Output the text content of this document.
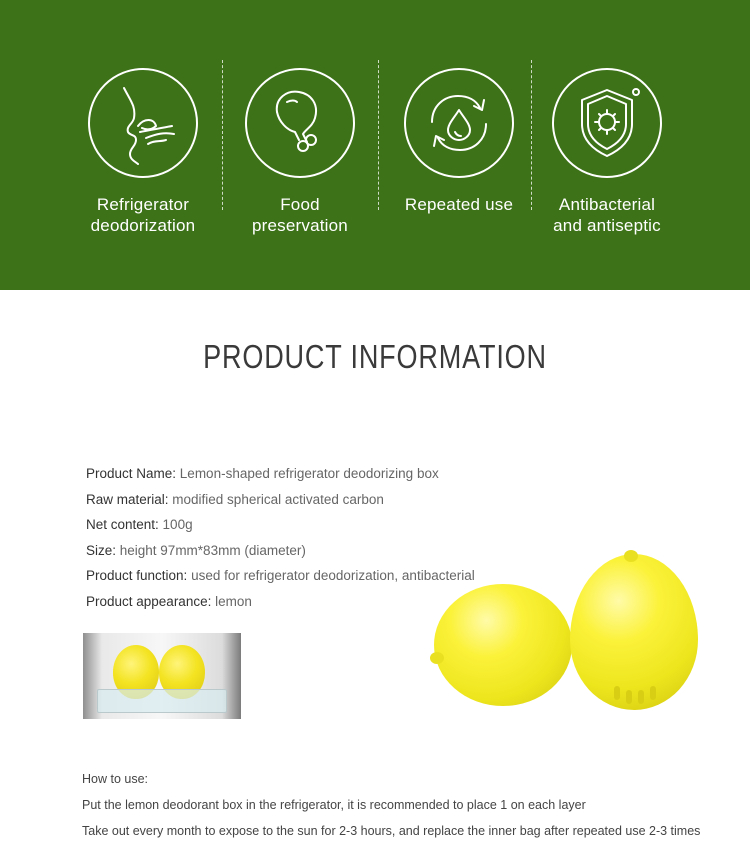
Refrigerator
deodorization
Food
preservation
Repeated use	Antibacterial
and antiseptic
PRODUCT INFORMATION
Product Name: Lemon-shaped refrigerator deodorizing box
Raw material: modified spherical activated carbon
Net content: 100g
Size: height 97mm*83mm (diameter)
Product function: used for refrigerator deodorization, antibacterial
Product appearance: lemon
How to use:
Put the lemon deodorant box in the refrigerator, it is recommended to place 1 on each layer
Take out every month to expose to the sun for 2-3 hours, and replace the inner bag after repeated use 2-3 times
